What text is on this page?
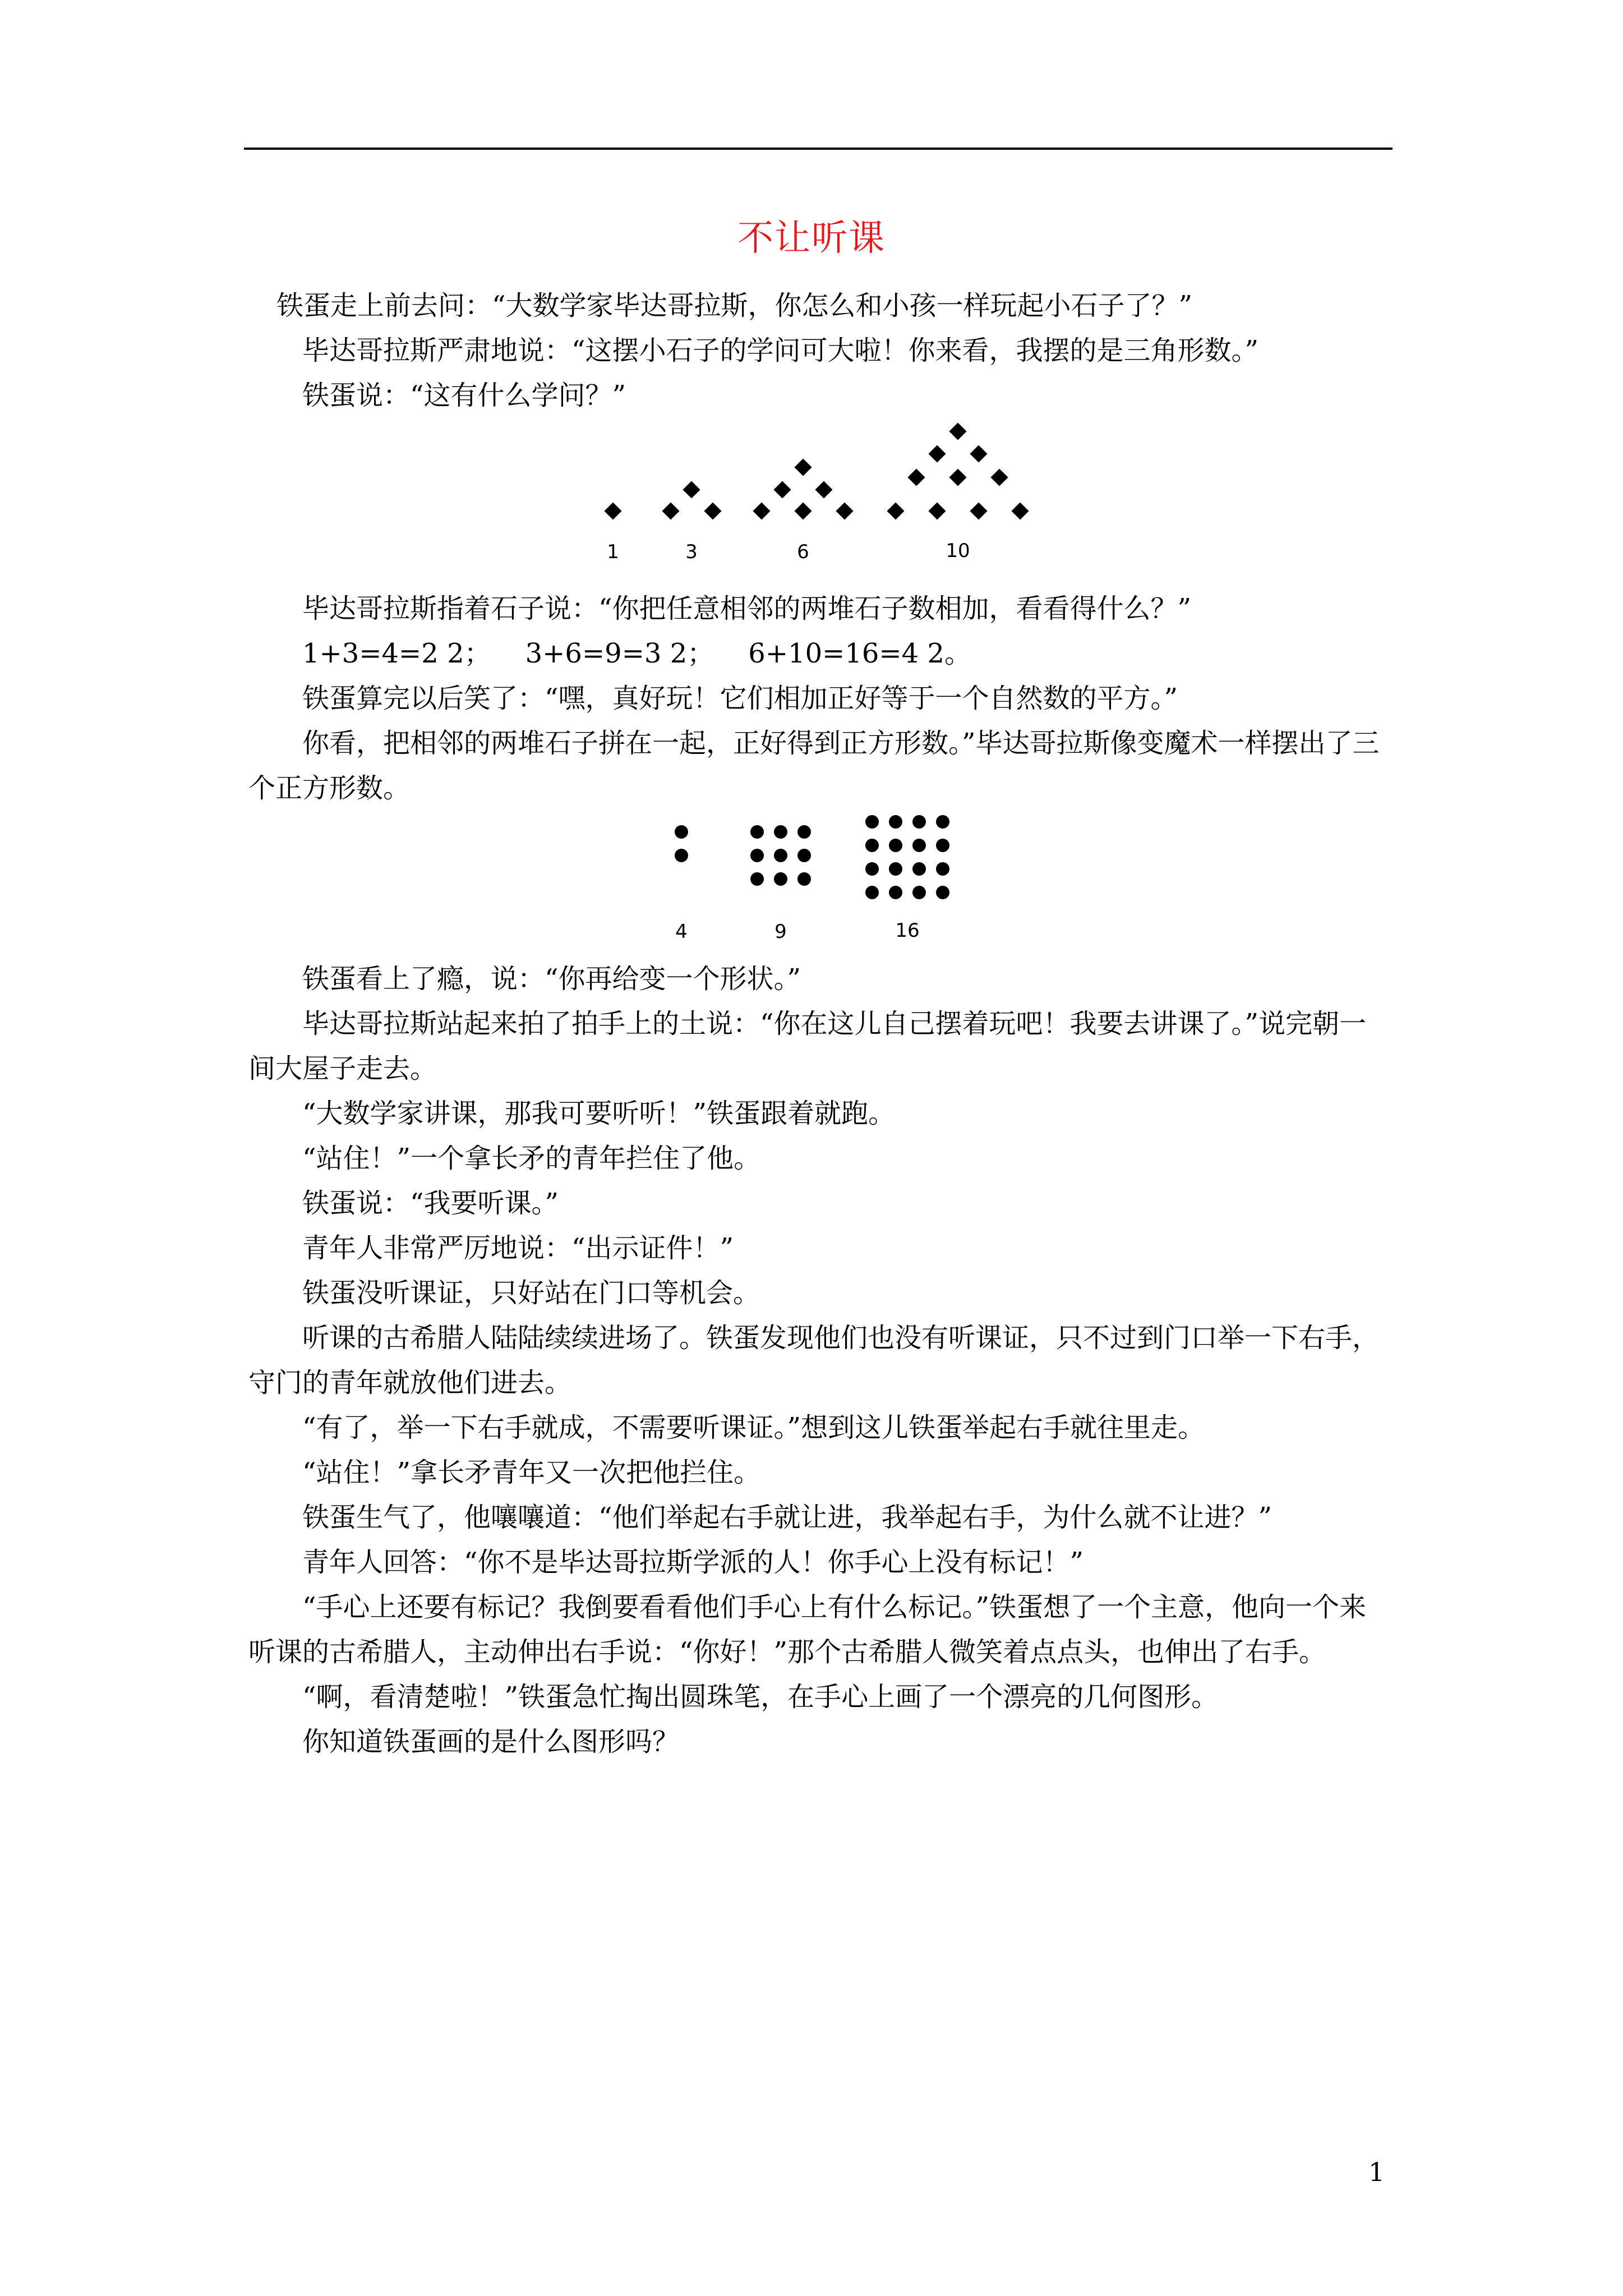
不让听课

铁蛋走上前去问：“大数学家毕达哥拉斯，你怎么和小孩一样玩起小石子了？”

毕达哥拉斯严肃地说：“这摆小石子的学问可大啦！你来看，我摆的是三角形数。”

铁蛋说：“这有什么学问？”

1	3	6	10

毕达哥拉斯指着石子说：“你把任意相邻的两堆石子数相加，看看得什么？”

1+3=4=2 2；    3+6=9=3 2；    6+10=16=4 2。

铁蛋算完以后笑了：“嘿，真好玩！它们相加正好等于一个自然数的平方。”

你看，把相邻的两堆石子拼在一起，正好得到正方形数。”毕达哥拉斯像变魔术一样摆出了三个正方形数。

4	9	16

铁蛋看上了瘾，说：“你再给变一个形状。”

毕达哥拉斯站起来拍了拍手上的土说：“你在这儿自己摆着玩吧！我要去讲课了。”说完朝一间大屋子走去。

“大数学家讲课，那我可要听听！”铁蛋跟着就跑。

“站住！”一个拿长矛的青年拦住了他。

铁蛋说：“我要听课。”

青年人非常严厉地说：“出示证件！”

铁蛋没听课证，只好站在门口等机会。

听课的古希腊人陆陆续续进场了。铁蛋发现他们也没有听课证，只不过到门口举一下右手，守门的青年就放他们进去。

“有了，举一下右手就成，不需要听课证。”想到这儿铁蛋举起右手就往里走。

“站住！”拿长矛青年又一次把他拦住。

铁蛋生气了，他嚷嚷道：“他们举起右手就让进，我举起右手，为什么就不让进？”

青年人回答：“你不是毕达哥拉斯学派的人！你手心上没有标记！”

“手心上还要有标记？我倒要看看他们手心上有什么标记。”铁蛋想了一个主意，他向一个来听课的古希腊人，主动伸出右手说：“你好！”那个古希腊人微笑着点点头，也伸出了右手。

“啊，看清楚啦！”铁蛋急忙掏出圆珠笔，在手心上画了一个漂亮的几何图形。

你知道铁蛋画的是什么图形吗？

1
